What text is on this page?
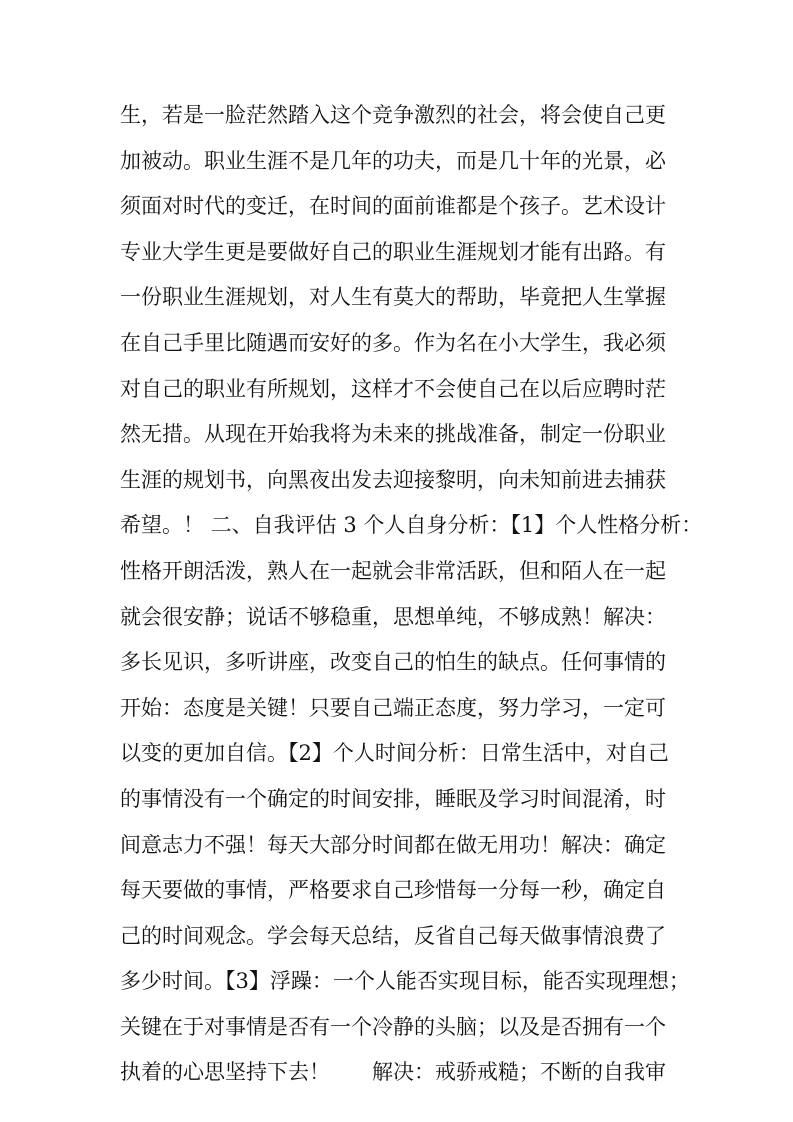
生，若是一脸茫然踏入这个竞争激烈的社会，将会使自己更
加被动。职业生涯不是几年的功夫，而是几十年的光景，必
须面对时代的变迁，在时间的面前谁都是个孩子。艺术设计
专业大学生更是要做好自己的职业生涯规划才能有出路。有
一份职业生涯规划，对人生有莫大的帮助，毕竟把人生掌握
在自己手里比随遇而安好的多。作为名在小大学生，我必须
对自己的职业有所规划，这样才不会使自己在以后应聘时茫
然无措。从现在开始我将为未来的挑战准备，制定一份职业
生涯的规划书，向黑夜出发去迎接黎明，向未知前进去捕获
希望。！ 二、自我评估 3 个人自身分析：【1】个人性格分析：
性格开朗活泼，熟人在一起就会非常活跃，但和陌人在一起
就会很安静；说话不够稳重，思想单纯，不够成熟！解决：
多长见识，多听讲座，改变自己的怕生的缺点。任何事情的
开始：态度是关键！只要自己端正态度，努力学习，一定可
以变的更加自信。【2】个人时间分析：日常生活中，对自己
的事情没有一个确定的时间安排，睡眠及学习时间混淆，时
间意志力不强！每天大部分时间都在做无用功！解决：确定
每天要做的事情，严格要求自己珍惜每一分每一秒，确定自
己的时间观念。学会每天总结，反省自己每天做事情浪费了
多少时间。【3】浮躁：一个人能否实现目标，能否实现理想；
关键在于对事情是否有一个冷静的头脑；以及是否拥有一个
执着的心思坚持下去！　　解决：戒骄戒糙；不断的自我审
